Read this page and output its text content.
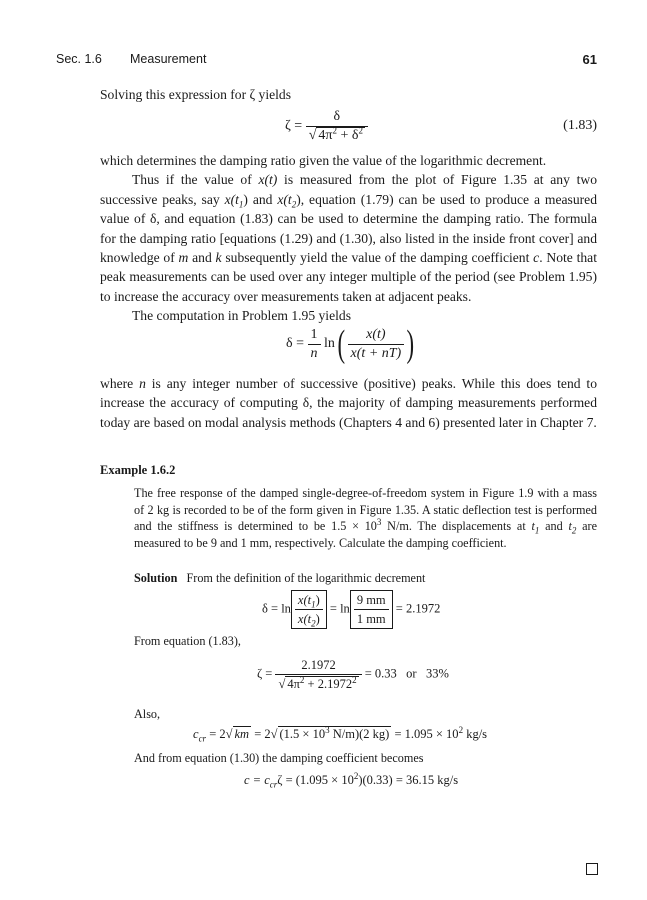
Sec. 1.6 Measurement	61
Solving this expression for ζ yields
$\zeta = \frac{\delta}{√ 4\pi^2 + \delta^2}$	(1.83)
which determines the damping ratio given the value of the logarithmic decrement.
Thus if the value of x(t) is measured from the plot of Figure 1.35 at any two successive peaks, say $x(t_1)$ and $x(t_2)$, equation (1.79) can be used to produce a measured value of δ, and equation (1.83) can be used to determine the damping ratio. The formula for the damping ratio [equations (1.29) and (1.30), also listed in the inside front cover] and knowledge of m and k subsequently yield the value of the damping coefficient c. Note that peak measurements can be used over any integer multiple of the period (see Problem 1.95) to increase the accuracy over measurements taken at adjacent peaks.
The computation in Problem 1.95 yields
$\delta = \frac{1}{n} \ln( \frac{x(t)}{x(t + nT)}$ )
where n is any integer number of successive (positive) peaks. While this does tend to increase the accuracy of computing δ, the majority of damping measurements performed today are based on modal analysis methods (Chapters 4 and 6) presented later in Chapter 7.
Example 1.6.2
The free response of the damped single-degree-of-freedom system in Figure 1.9 with a mass of 2 kg is recorded to be of the form given in Figure 1.35. A static deflection test is performed and the stiffness is determined to be $1.5 \times 10^3$ N/m. The displacements at $t_1$ and $t_2$ are measured to be 9 and 1 mm, respectively. Calculate the damping coefficient.
Solution From the definition of the logarithmic decrement
$\delta = \ln \frac{x(t_1)}{x(t_2)} = \ln \frac{9 mm}{1 mm} = 2.1972$
From equation (1.83),
$\zeta = \frac{2.1972}{√ 4\pi^2 + 2.1972^2} = 0.33$ or 33%
Also,
$c_{cr} = 2√$ km = 2√ ($1.5 \times 10^3$ N/m)(2 $kg) = 1.095 \times 10^2$ kg/s
And from equation (1.30) the damping coefficient becomes
$c = c_{cr}\zeta = (1.095 \times 10^2)(0.33) = 36.15$ kg/s
